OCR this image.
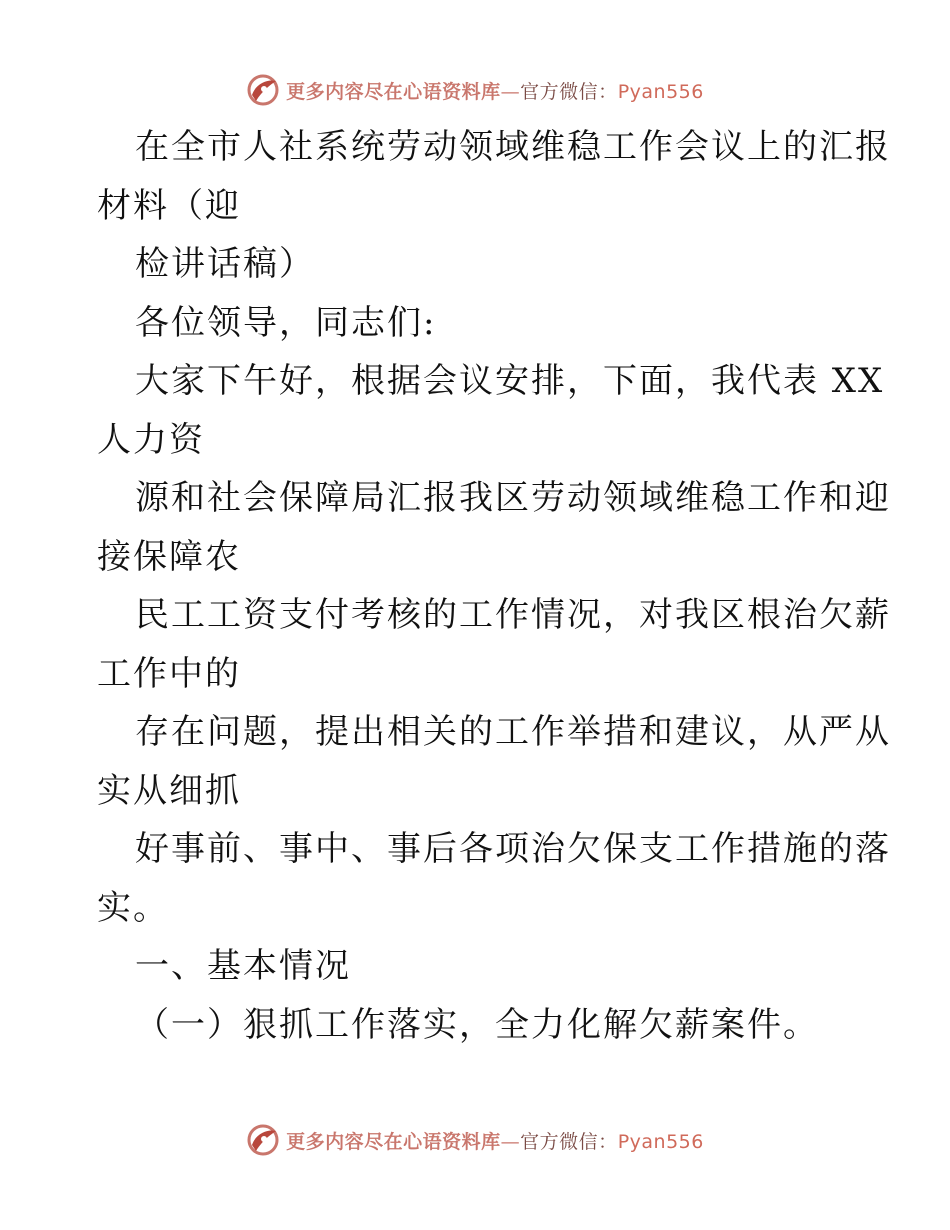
更多内容尽在心语资料库—官方微信：Pyan556
在全市人社系统劳动领域维稳工作会议上的汇报
材料（迎
检讲话稿）
各位领导，同志们:
大家下午好，根据会议安排，下面，我代表 XX
人力资
源和社会保障局汇报我区劳动领域维稳工作和迎
接保障农
民工工资支付考核的工作情况，对我区根治欠薪
工作中的
存在问题，提出相关的工作举措和建议，从严从
实从细抓
好事前、事中、事后各项治欠保支工作措施的落
实。
一、基本情况
（一）狠抓工作落实，全力化解欠薪案件。
更多内容尽在心语资料库—官方微信：Pyan556
